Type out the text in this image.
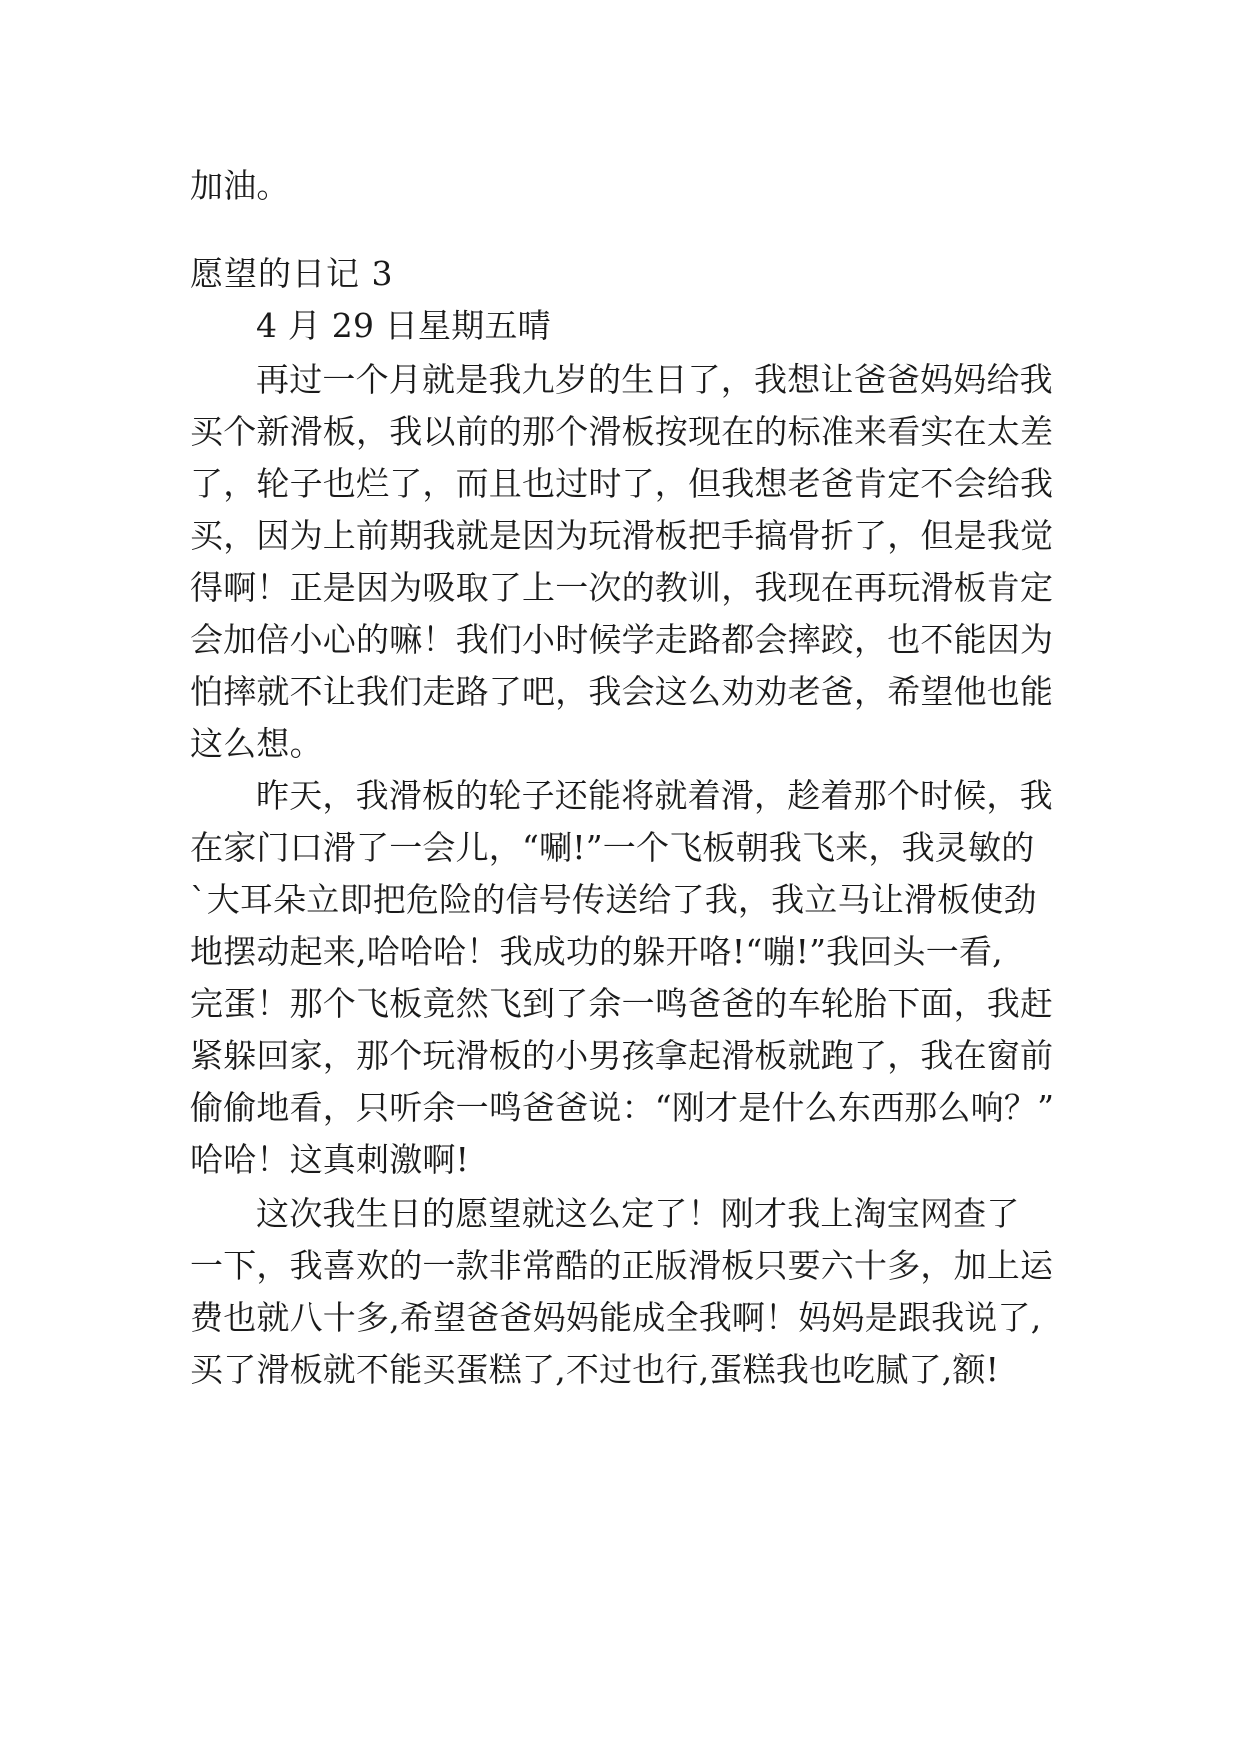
加油。
愿望的日记 3
4 月 29 日星期五晴
再过一个月就是我九岁的生日了，我想让爸爸妈妈给我
买个新滑板，我以前的那个滑板按现在的标准来看实在太差
了，轮子也烂了，而且也过时了，但我想老爸肯定不会给我
买，因为上前期我就是因为玩滑板把手搞骨折了，但是我觉
得啊！正是因为吸取了上一次的教训，我现在再玩滑板肯定
会加倍小心的嘛！我们小时候学走路都会摔跤，也不能因为
怕摔就不让我们走路了吧，我会这么劝劝老爸，希望他也能
这么想。
昨天，我滑板的轮子还能将就着滑，趁着那个时候，我
在家门口滑了一会儿，“唰!”一个飞板朝我飞来，我灵敏的
`大耳朵立即把危险的信号传送给了我，我立马让滑板使劲
地摆动起来,哈哈哈！我成功的躲开咯!“嘣!”我回头一看,
完蛋！那个飞板竟然飞到了余一鸣爸爸的车轮胎下面，我赶
紧躲回家，那个玩滑板的小男孩拿起滑板就跑了，我在窗前
偷偷地看，只听余一鸣爸爸说：“刚才是什么东西那么响？”
哈哈！这真刺激啊!
这次我生日的愿望就这么定了！刚才我上淘宝网查了
一下，我喜欢的一款非常酷的正版滑板只要六十多，加上运
费也就八十多,希望爸爸妈妈能成全我啊！妈妈是跟我说了,
买了滑板就不能买蛋糕了,不过也行,蛋糕我也吃腻了,额!
